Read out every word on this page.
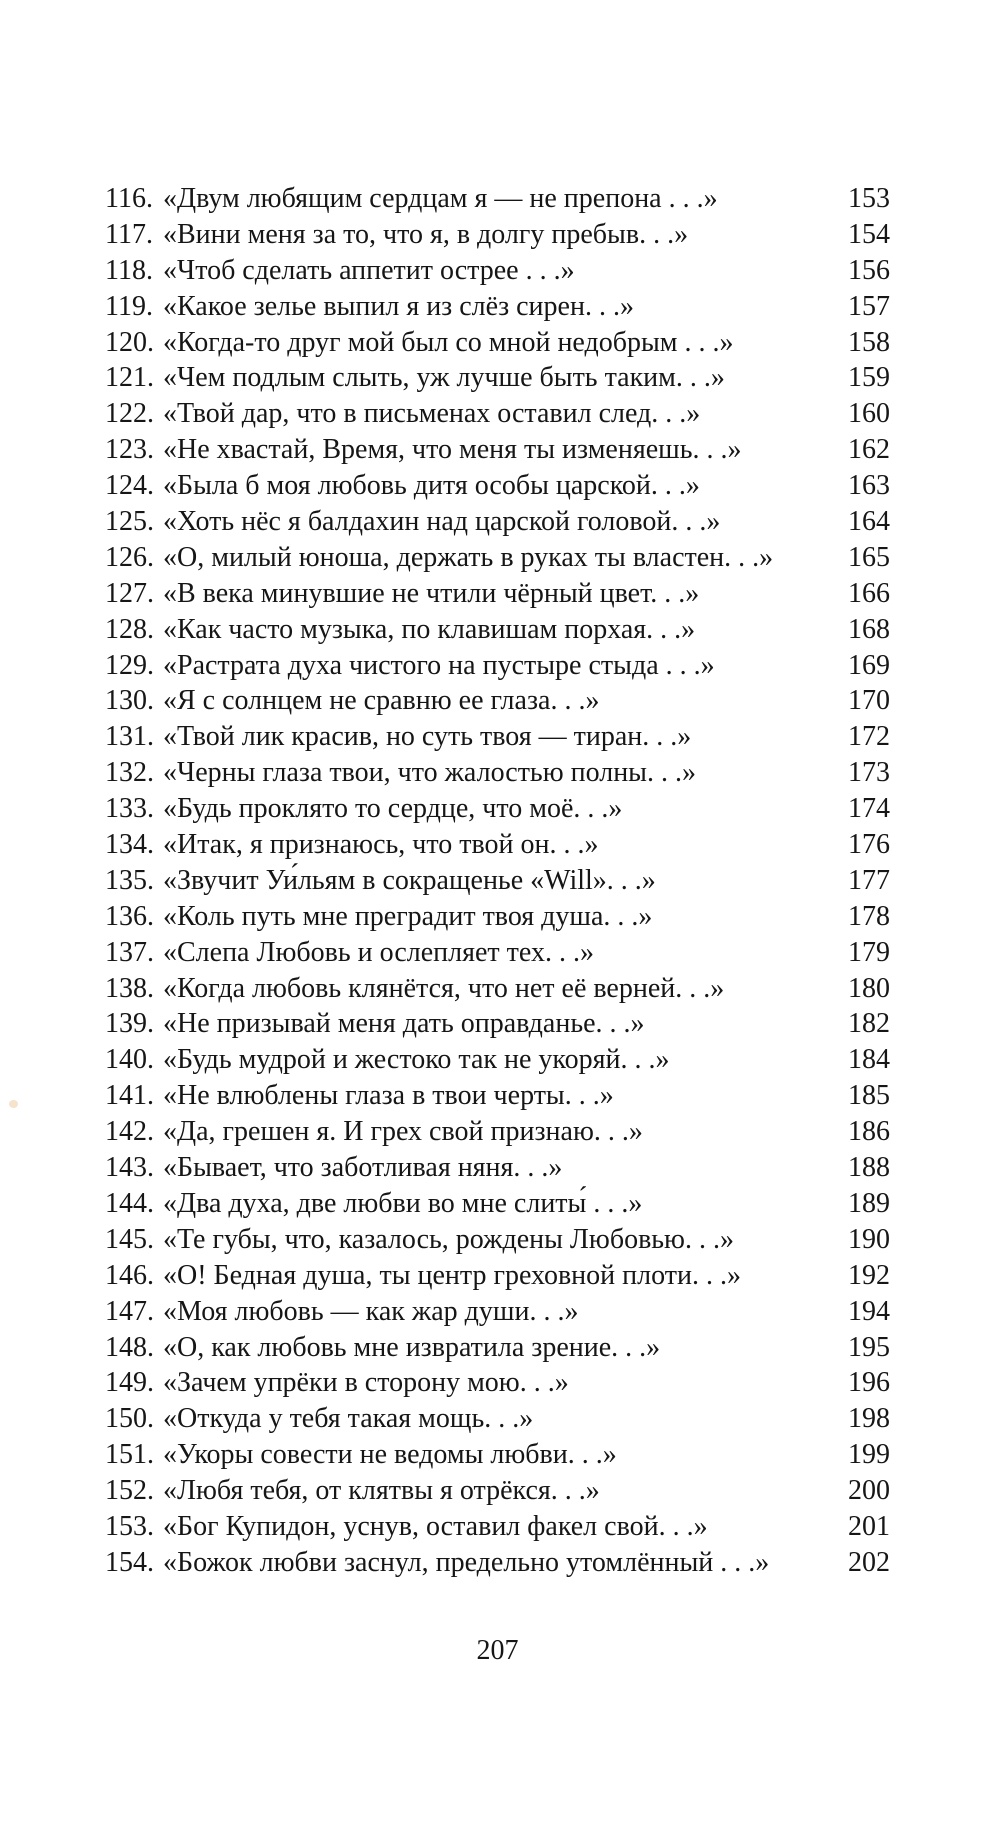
116. «Двум любящим сердцам я — не препона . . .»	153
117. «Вини меня за то, что я, в долгу пребыв. . .»	154
118. «Чтоб сделать аппетит острее . . .»	156
119. «Какое зелье выпил я из слёз сирен. . .»	157
120. «Когда-то друг мой был со мной недобрым . . .»	158
121. «Чем подлым слыть, уж лучше быть таким. . .»	159
122. «Твой дар, что в письменах оставил след. . .»	160
123. «Не хвастай, Время, что меня ты изменяешь. . .»	162
124. «Была б моя любовь дитя особы царской. . .»	163
125. «Хоть нёс я балдахин над царской головой. . .»	164
126. «О, милый юноша, держать в руках ты властен. . .»	165
127. «В века минувшие не чтили чёрный цвет. . .»	166
128. «Как часто музыка, по клавишам порхая. . .»	168
129. «Растрата духа чистого на пустыре стыда . . .»	169
130. «Я с солнцем не сравню ее глаза. . .»	170
131. «Твой лик красив, но суть твоя — тиран. . .»	172
132. «Черны глаза твои, что жалостью полны. . .»	173
133. «Будь проклято то сердце, что моё. . .»	174
134. «Итак, я признаюсь, что твой он. . .»	176
135. «Звучит Уи́льям в сокращенье «Will». . .»	177
136. «Коль путь мне преградит твоя душа. . .»	178
137. «Слепа Любовь и ослепляет тех. . .»	179
138. «Когда любовь клянётся, что нет её верней. . .»	180
139. «Не призывай меня дать оправданье. . .»	182
140. «Будь мудрой и жестоко так не укоряй. . .»	184
141. «Не влюблены глаза в твои черты. . .»	185
142. «Да, грешен я. И грех свой признаю. . .»	186
143. «Бывает, что заботливая няня. . .»	188
144. «Два духа, две любви во мне слиты́ . . .»	189
145. «Те губы, что, казалось, рождены Любовью. . .»	190
146. «О! Бедная душа, ты центр греховной плоти. . .»	192
147. «Моя любовь — как жар души. . .»	194
148. «О, как любовь мне извратила зрение. . .»	195
149. «Зачем упрёки в сторону мою. . .»	196
150. «Откуда у тебя такая мощь. . .»	198
151. «Укоры совести не ведомы любви. . .»	199
152. «Любя тебя, от клятвы я отрёкся. . .»	200
153. «Бог Купидон, уснув, оставил факел свой. . .»	201
154. «Божок любви заснул, предельно утомлённый . . .»	202
207
